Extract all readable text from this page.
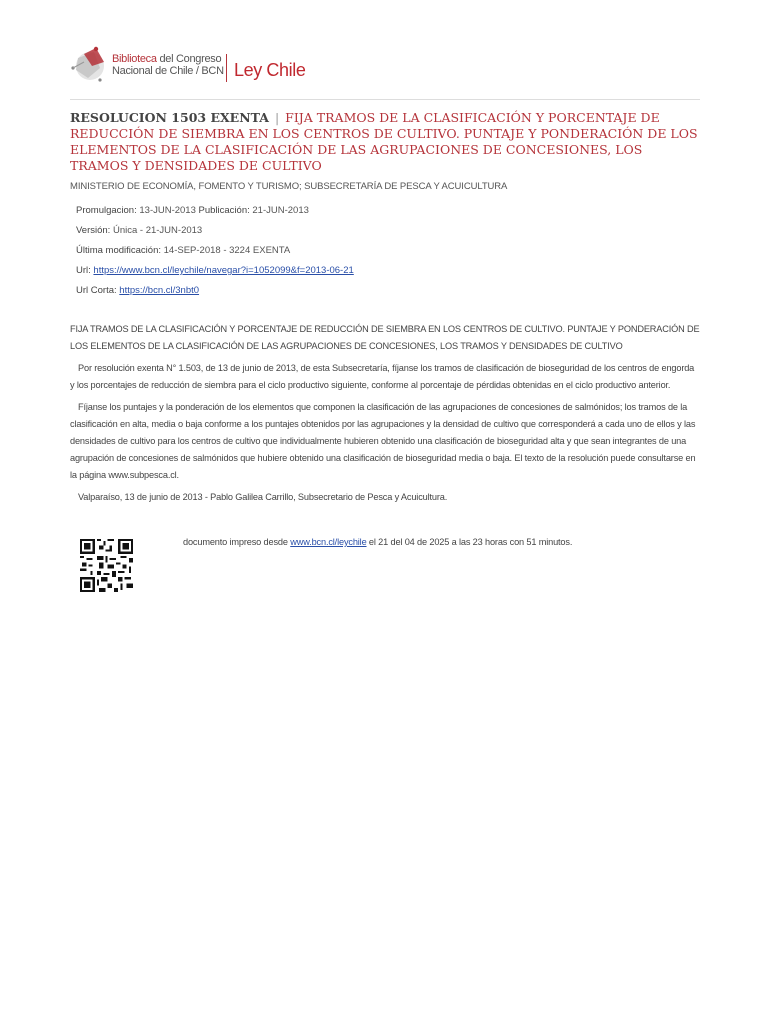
Biblioteca del Congreso
Nacional de Chile / BCN Ley Chile
RESOLUCION 1503 EXENTA | FIJA TRAMOS DE LA CLASIFICACIÓN Y PORCENTAJE DE REDUCCIÓN DE SIEMBRA EN LOS CENTROS DE CULTIVO. PUNTAJE Y PONDERACIÓN DE LOS ELEMENTOS DE LA CLASIFICACIÓN DE LAS AGRUPACIONES DE CONCESIONES, LOS TRAMOS Y DENSIDADES DE CULTIVO
MINISTERIO DE ECONOMÍA, FOMENTO Y TURISMO; SUBSECRETARÍA DE PESCA Y ACUICULTURA
Promulgacion: 13-JUN-2013 Publicación: 21-JUN-2013
Versión: Única - 21-JUN-2013
Última modificación: 14-SEP-2018 - 3224 EXENTA
Url: https://www.bcn.cl/leychile/navegar?i=1052099&f=2013-06-21
Url Corta: https://bcn.cl/3nbt0

FIJA TRAMOS DE LA CLASIFICACIÓN Y PORCENTAJE DE REDUCCIÓN DE SIEMBRA EN LOS CENTROS DE CULTIVO. PUNTAJE Y PONDERACIÓN DE LOS ELEMENTOS DE LA CLASIFICACIÓN DE LAS AGRUPACIONES DE CONCESIONES, LOS TRAMOS Y DENSIDADES DE CULTIVO

Por resolución exenta N° 1.503, de 13 de junio de 2013, de esta Subsecretaría, fíjanse los tramos de clasificación de bioseguridad de los centros de engorda y los porcentajes de reducción de siembra para el ciclo productivo siguiente, conforme al porcentaje de pérdidas obtenidas en el ciclo productivo anterior.

Fíjanse los puntajes y la ponderación de los elementos que componen la clasificación de las agrupaciones de concesiones de salmónidos; los tramos de la clasificación en alta, media o baja conforme a los puntajes obtenidos por las agrupaciones y la densidad de cultivo que corresponderá a cada uno de ellos y las densidades de cultivo para los centros de cultivo que individualmente hubieren obtenido una clasificación de bioseguridad alta y que sean integrantes de una agrupación de concesiones de salmónidos que hubiere obtenido una clasificación de bioseguridad media o baja. El texto de la resolución puede consultarse en la página www.subpesca.cl.

Valparaíso, 13 de junio de 2013 - Pablo Galilea Carrillo, Subsecretario de Pesca y Acuicultura.

documento impreso desde www.bcn.cl/leychile el 21 del 04 de 2025 a las 23 horas con 51 minutos.
